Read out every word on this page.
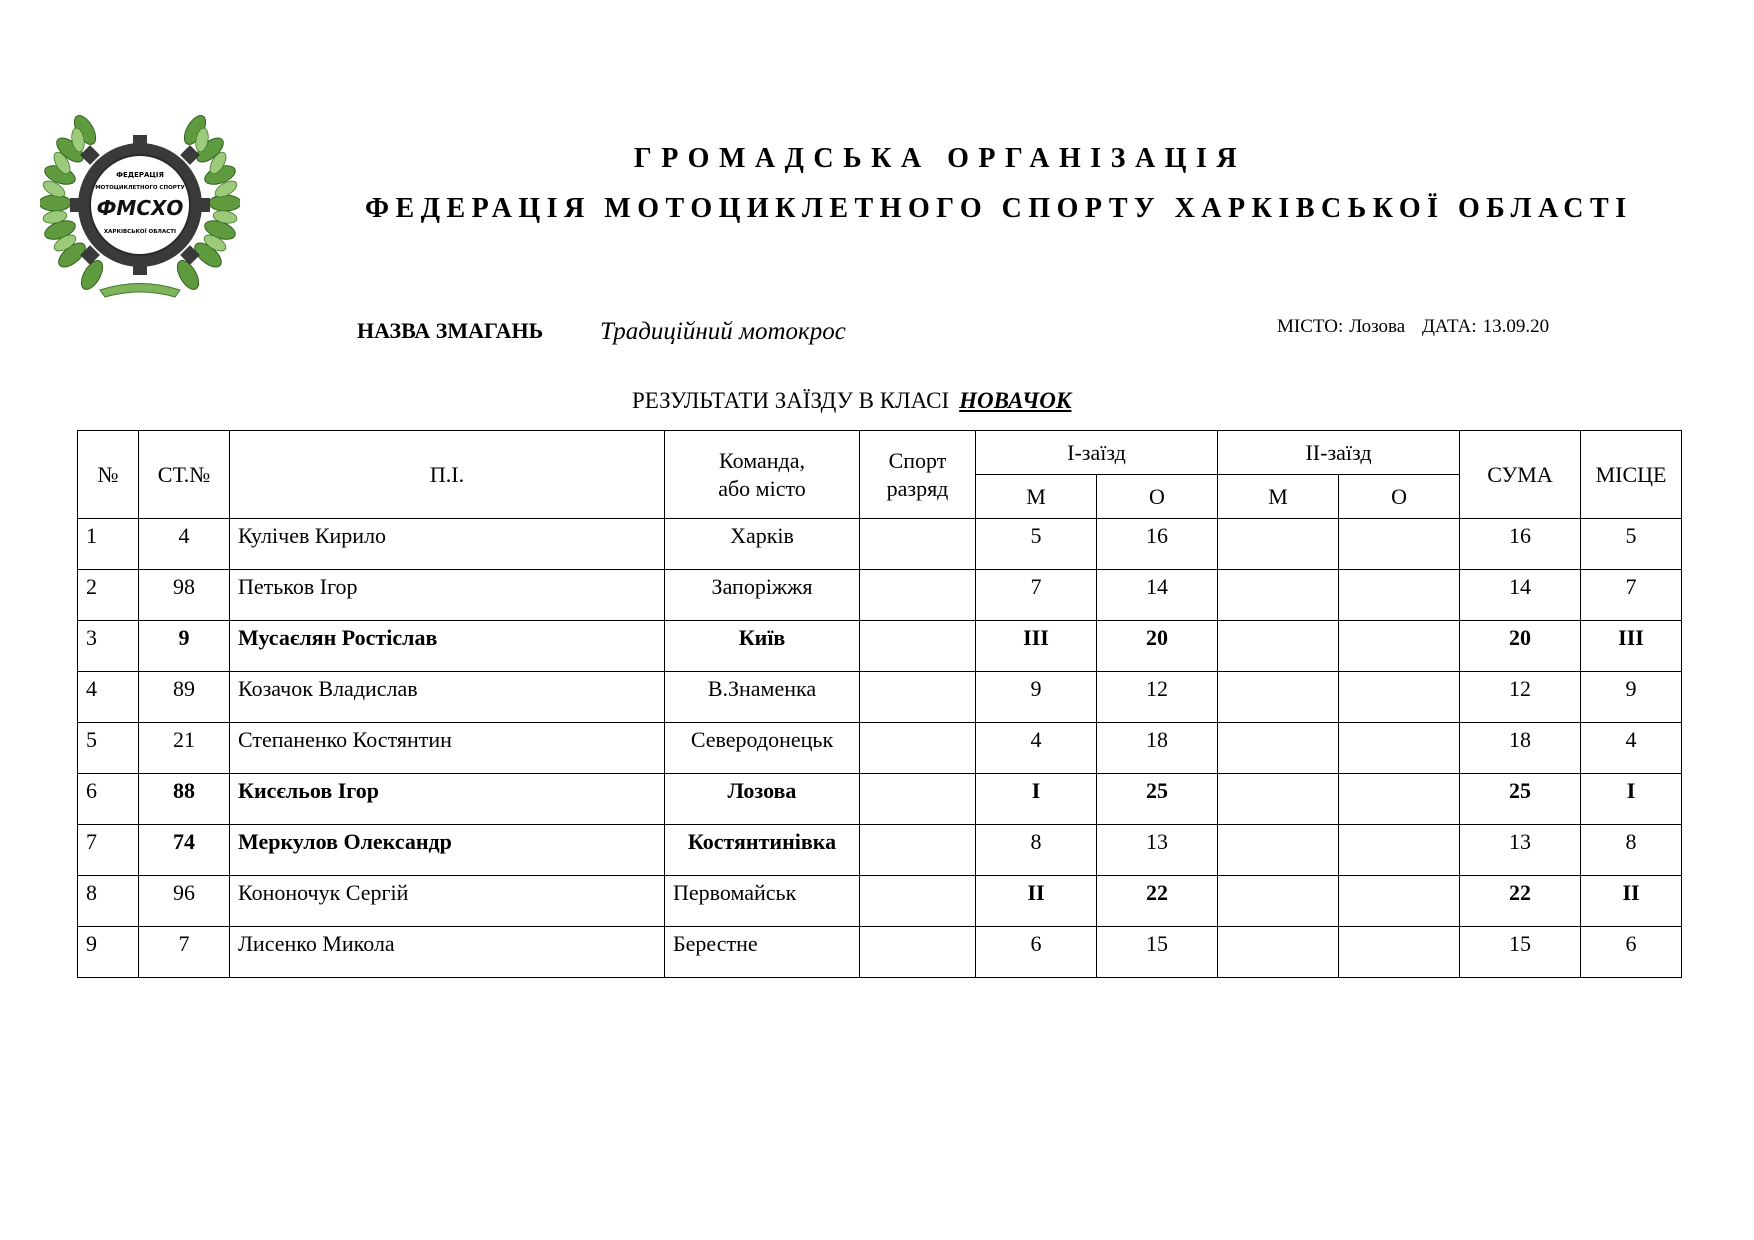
ФЕДЕРАЦІЯ
МОТОЦИКЛЕТНОГО СПОРТУ
ФМСХО
ХАРКІВСЬКОЇ ОБЛАСТІ
ГРОМАДСЬКА ОРГАНІЗАЦІЯ
ФЕДЕРАЦІЯ МОТОЦИКЛЕТНОГО СПОРТУ ХАРКІВСЬКОЇ ОБЛАСТІ
НАЗВА ЗМАГАНЬ Традиційний мотокрос	МІСТО: Лозова ДАТА: 13.09.20
РЕЗУЛЬТАТИ ЗАЇЗДУ В КЛАСІ НОВАЧОК
№	СТ.№	П.І.	Команда,
або місто	Спорт
разряд	І-заїзд		ІІ-заїзд		СУМА	МІСЦЕ
					М	О	М	О		
1	4	Кулічев Кирило	Харків		5	16			16	5
2	98	Петьков Ігор	Запоріжжя		7	14			14	7
3	9	Мусаєлян Ростіслав	Київ		ІІІ	20			20	ІІІ
4	89	Козачок Владислав	В.Знаменка		9	12			12	9
5	21	Степаненко Костянтин	Северодонецьк		4	18			18	4
6	88	Кисєльов Ігор	Лозова		І	25			25	І
7	74	Меркулов Олександр	Костянтинівка		8	13			13	8
8	96	Кононочук Сергій	Первомайськ		ІІ	22			22	ІІ
9	7	Лисенко Микола	Берестне		6	15			15	6
